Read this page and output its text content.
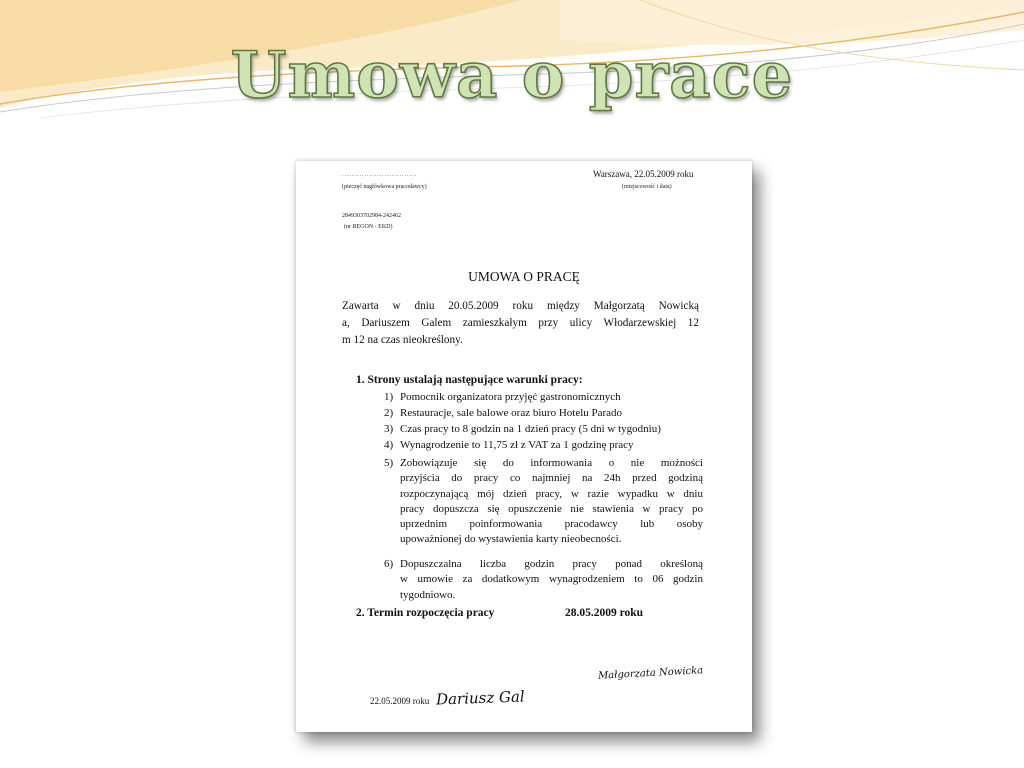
Umowa o prace
..............................
(pieczęć nagłówkowa pracodawcy)
Warszawa, 22.05.2009 roku
(miejscowość i data)
2849303702984-242462
(nr REGON - EKD)
UMOWA O PRACĘ
Zawarta w dniu 20.05.2009 roku między Małgorzatą Nowicką
a, Dariuszem Galem zamieszkałym przy ulicy Włodarzewskiej 12
m 12 na czas nieokreślony.
1. Strony ustalają następujące warunki pracy:
1) Pomocnik organizatora przyjęć gastronomicznych
2) Restauracje, sale balowe oraz biuro Hotelu Parado
3) Czas pracy to 8 godzin na 1 dzień pracy (5 dni w tygodniu)
4) Wynagrodzenie to 11,75 zł z VAT za 1 godzinę pracy
5) Zobowiązuje się do informowania o nie możności
przyjścia do pracy co najmniej na 24h przed godziną
rozpoczynającą mój dzień pracy, w razie wypadku w dniu
pracy dopuszcza się opuszczenie nie stawienia w pracy po
uprzednim poinformowania pracodawcy lub osoby
upoważnionej do wystawienia karty nieobecności.
6) Dopuszczalna liczba godzin pracy ponad określoną
w umowie za dodatkowym wynagrodzeniem to 06 godzin
tygodniowo.
2. Termin rozpoczęcia pracy	28.05.2009 roku
Małgorzata Nowicka
22.05.2009 roku Dariusz Gal
